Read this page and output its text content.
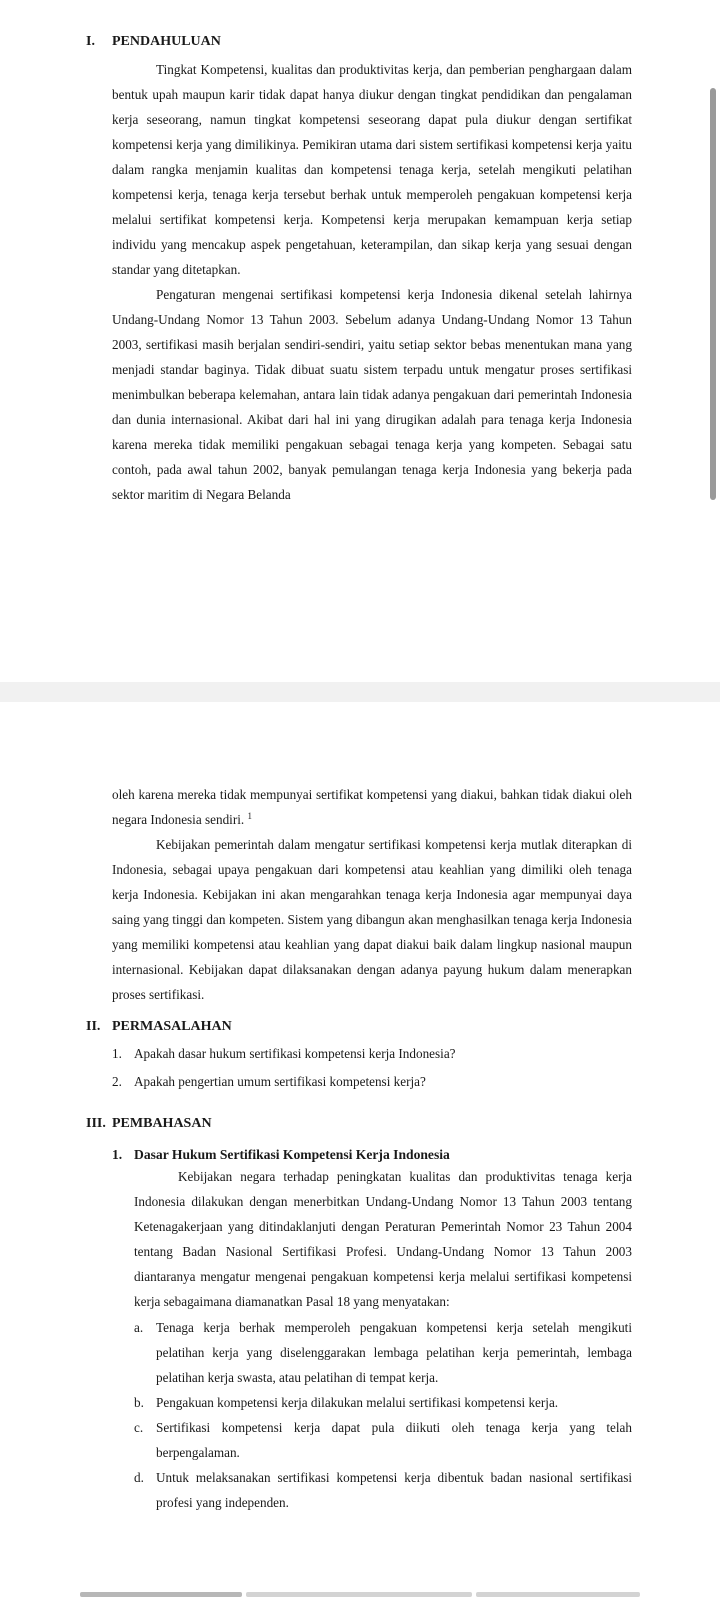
I. PENDAHULUAN

Tingkat Kompetensi, kualitas dan produktivitas kerja, dan pemberian penghargaan dalam bentuk upah maupun karir tidak dapat hanya diukur dengan tingkat pendidikan dan pengalaman kerja seseorang, namun tingkat kompetensi seseorang dapat pula diukur dengan sertifikat kompetensi kerja yang dimilikinya. Pemikiran utama dari sistem sertifikasi kompetensi kerja yaitu dalam rangka menjamin kualitas dan kompetensi tenaga kerja, setelah mengikuti pelatihan kompetensi kerja, tenaga kerja tersebut berhak untuk memperoleh pengakuan kompetensi kerja melalui sertifikat kompetensi kerja. Kompetensi kerja merupakan kemampuan kerja setiap individu yang mencakup aspek pengetahuan, keterampilan, dan sikap kerja yang sesuai dengan standar yang ditetapkan.

Pengaturan mengenai sertifikasi kompetensi kerja Indonesia dikenal setelah lahirnya Undang-Undang Nomor 13 Tahun 2003. Sebelum adanya Undang-Undang Nomor 13 Tahun 2003, sertifikasi masih berjalan sendiri-sendiri, yaitu setiap sektor bebas menentukan mana yang menjadi standar baginya. Tidak dibuat suatu sistem terpadu untuk mengatur proses sertifikasi menimbulkan beberapa kelemahan, antara lain tidak adanya pengakuan dari pemerintah Indonesia dan dunia internasional. Akibat dari hal ini yang dirugikan adalah para tenaga kerja Indonesia karena mereka tidak memiliki pengakuan sebagai tenaga kerja yang kompeten. Sebagai satu contoh, pada awal tahun 2002, banyak pemulangan tenaga kerja Indonesia yang bekerja pada sektor maritim di Negara Belanda

oleh karena mereka tidak mempunyai sertifikat kompetensi yang diakui, bahkan tidak diakui oleh negara Indonesia sendiri. $^1$

Kebijakan pemerintah dalam mengatur sertifikasi kompetensi kerja mutlak diterapkan di Indonesia, sebagai upaya pengakuan dari kompetensi atau keahlian yang dimiliki oleh tenaga kerja Indonesia. Kebijakan ini akan mengarahkan tenaga kerja Indonesia agar mempunyai daya saing yang tinggi dan kompeten. Sistem yang dibangun akan menghasilkan tenaga kerja Indonesia yang memiliki kompetensi atau keahlian yang dapat diakui baik dalam lingkup nasional maupun internasional. Kebijakan dapat dilaksanakan dengan adanya payung hukum dalam menerapkan proses sertifikasi.

II. PERMASALAHAN
1. Apakah dasar hukum sertifikasi kompetensi kerja Indonesia?
2. Apakah pengertian umum sertifikasi kompetensi kerja?
III. PEMBAHASAN
1. Dasar Hukum Sertifikasi Kompetensi Kerja Indonesia

Kebijakan negara terhadap peningkatan kualitas dan produktivitas tenaga kerja Indonesia dilakukan dengan menerbitkan Undang-Undang Nomor 13 Tahun 2003 tentang Ketenagakerjaan yang ditindaklanjuti dengan Peraturan Pemerintah Nomor 23 Tahun 2004 tentang Badan Nasional Sertifikasi Profesi. Undang-Undang Nomor 13 Tahun 2003 diantaranya mengatur mengenai pengakuan kompetensi kerja melalui sertifikasi kompetensi kerja sebagaimana diamanatkan Pasal 18 yang menyatakan:

a. Tenaga kerja berhak memperoleh pengakuan kompetensi kerja setelah mengikuti pelatihan kerja yang diselenggarakan lembaga pelatihan kerja pemerintah, lembaga pelatihan kerja swasta, atau pelatihan di tempat kerja.
b. Pengakuan kompetensi kerja dilakukan melalui sertifikasi kompetensi kerja.
c. Sertifikasi kompetensi kerja dapat pula diikuti oleh tenaga kerja yang telah berpengalaman.
d. Untuk melaksanakan sertifikasi kompetensi kerja dibentuk badan nasional sertifikasi profesi yang independen.
